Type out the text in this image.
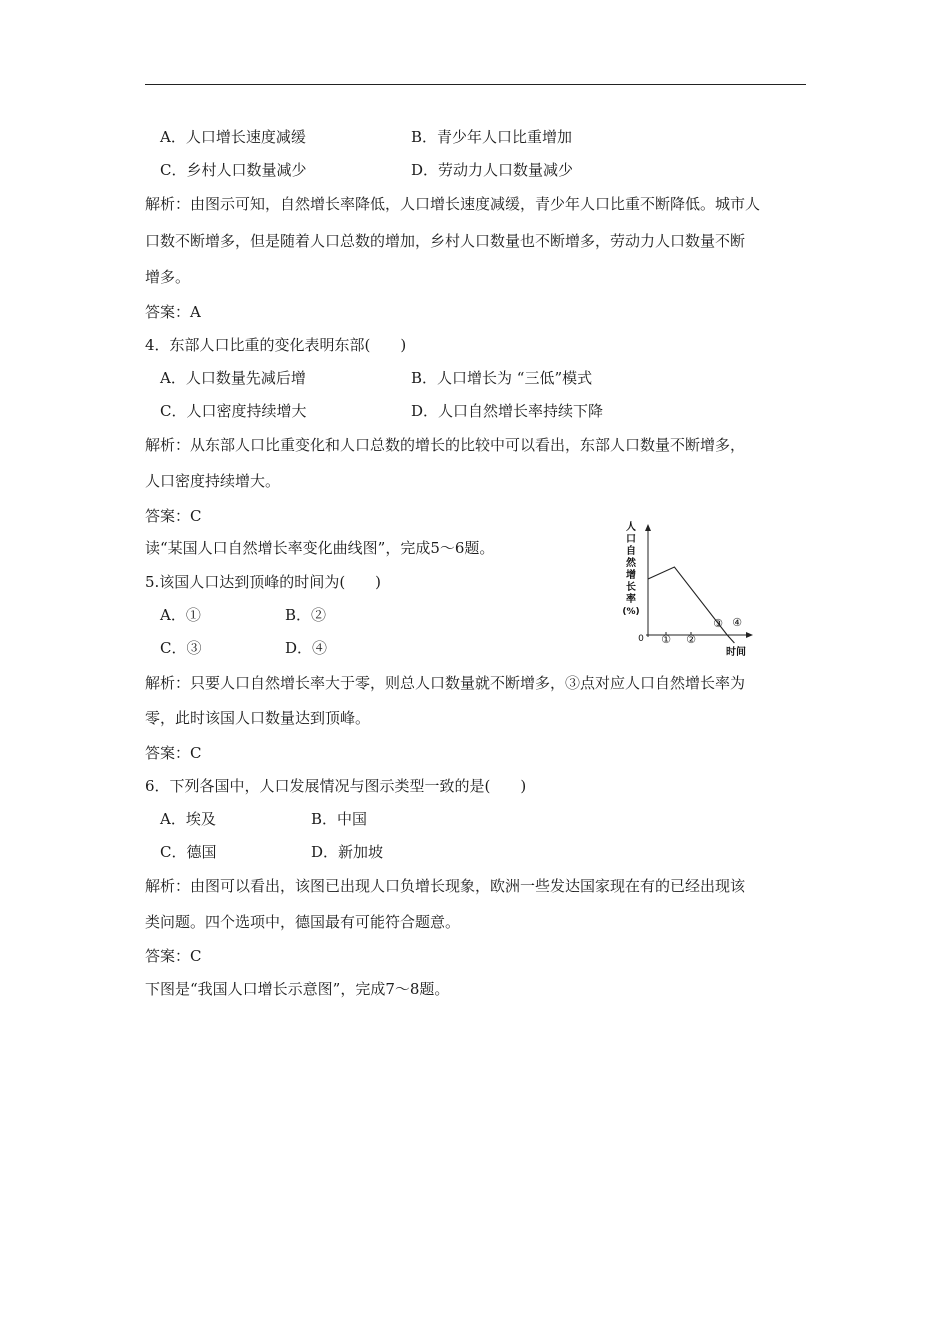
A．人口增长速度减缓	B．青少年人口比重增加
C．乡村人口数量减少	D．劳动力人口数量减少
解析：由图示可知，自然增长率降低，人口增长速度减缓，青少年人口比重不断降低。城市人
口数不断增多，但是随着人口总数的增加，乡村人口数量也不断增多，劳动力人口数量不断
增多。
答案：A
4．东部人口比重的变化表明东部(　　)
A．人口数量先减后增	B．人口增长为 “三低”模式
C．人口密度持续增大	D．人口自然增长率持续下降
解析：从东部人口比重变化和人口总数的增长的比较中可以看出，东部人口数量不断增多，
人口密度持续增大。
答案：C
读“某国人口自然增长率变化曲线图”，完成5～6题。
5.该国人口达到顶峰的时间为(　　)
A．①	B．②
C．③	D．④
人
口
自
然
增
长
率
(%)
0
时间
① ②
③ ④
解析：只要人口自然增长率大于零，则总人口数量就不断增多，③点对应人口自然增长率为
零，此时该国人口数量达到顶峰。
答案：C
6．下列各国中，人口发展情况与图示类型一致的是(　　)
A．埃及	B．中国
C．德国	D．新加坡
解析：由图可以看出，该图已出现人口负增长现象，欧洲一些发达国家现在有的已经出现该
类问题。四个选项中，德国最有可能符合题意。
答案：C
下图是“我国人口增长示意图”，完成7～8题。
